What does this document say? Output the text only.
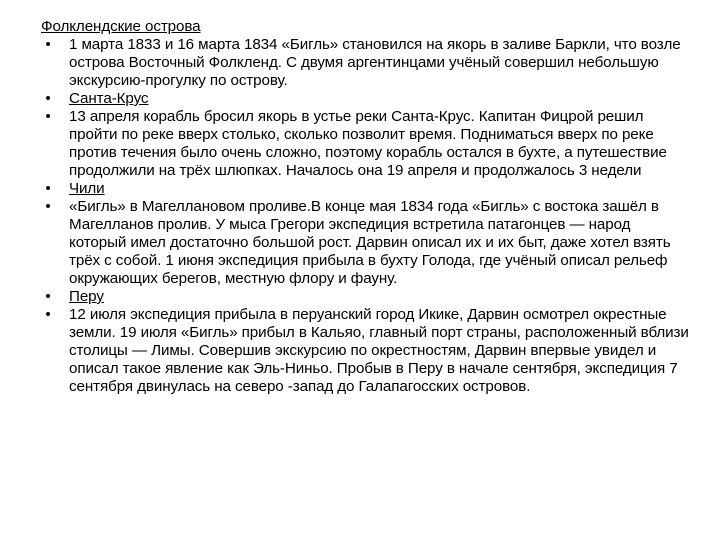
Фолклендские острова
• 1 марта 1833 и 16 марта 1834 «Бигль» становился на якорь в заливе Баркли, что возле острова Восточный Фолкленд. С двумя аргентинцами учёный совершил небольшую экскурсию-прогулку по острову.
• Санта-Крус
• 13 апреля корабль бросил якорь в устье реки Санта-Крус. Капитан Фицрой решил пройти по реке вверх столько, сколько позволит время. Подниматься вверх по реке против течения было очень сложно, поэтому корабль остался в бухте, а путешествие продолжили на трёх шлюпках. Началось она 19 апреля и продолжалось 3 недели
• Чили
• «Бигль» в Магеллановом проливе.В конце мая 1834 года «Бигль» с востока зашёл в Магелланов пролив. У мыса Грегори экспедиция встретила патагонцев — народ который имел достаточно большой рост. Дарвин описал их и их быт, даже хотел взять трёх с собой. 1 июня экспедиция прибыла в бухту Голода, где учёный описал рельеф окружающих берегов, местную флору и фауну.
• Перу
• 12 июля экспедиция прибыла в перуанский город Икике, Дарвин осмотрел окрестные земли. 19 июля «Бигль» прибыл в Кальяо, главный порт страны, расположенный вблизи столицы — Лимы. Совершив экскурсию по окрестностям, Дарвин впервые увидел и описал такое явление как Эль-Ниньо. Пробыв в Перу в начале сентября, экспедиция 7 сентября двинулась на северо -запад до Галапагосских островов.
